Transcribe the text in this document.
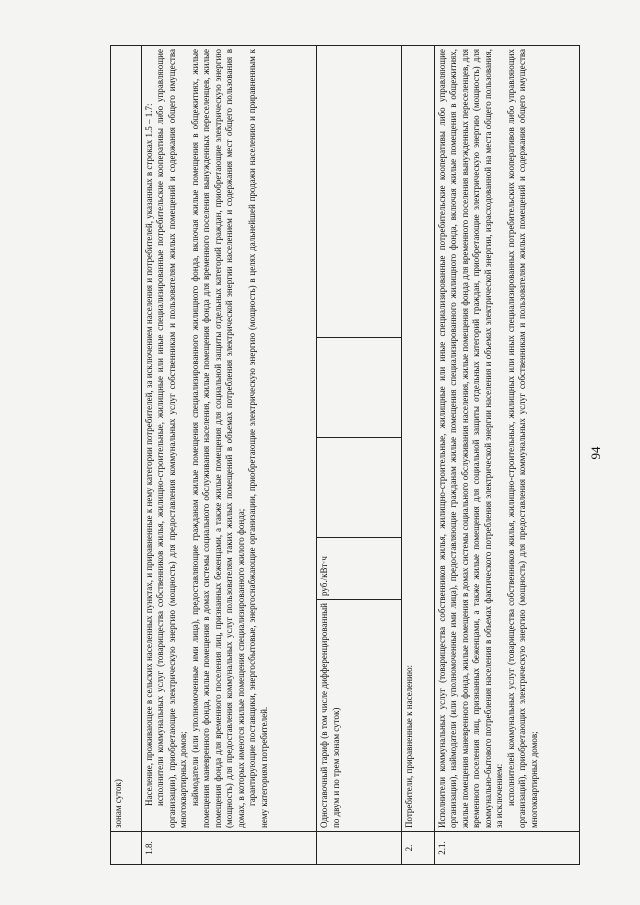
94
	зонам суток)				
1.8.	Население, проживающее в сельских населенных пунктах, и приравненные к нему категории потребителей, за исключением населения и потребителей, указанных в строках 1.5 – 1.7: исполнители коммунальных услуг (товарищества собственников жилья, жилищно-строительные, жилищные или иные специализированные потребительские кооперативы либо управляющие организации), приобретающие электрическую энергию (мощность) для предоставления коммунальных услуг собственникам и пользователям жилых помещений и содержания общего имущества многоквартирных домов; наймодатели (или уполномоченные ими лица), предоставляющие гражданам жилые помещения специализированного жилищного фонда, включая жилые помещения в общежитиях, жилые помещения маневренного фонда, жилые помещения в домах системы социального обслуживания населения, жилые помещения фонда для временного поселения вынужденных переселенцев, жилые помещения фонда для временного поселения лиц, признанных беженцами, а также жилые помещения для социальной защиты отдельных категорий граждан, приобретающие электрическую энергию (мощность) для предоставления коммунальных услуг пользователям таких жилых помещений в объемах потребления электрической энергии населением и содержания мест общего пользования в домах, в которых имеются жилые помещения специализированного жилого фонда; гарантирующие поставщики, энергосбытовые, энергоснабжающие организации, приобретающие электрическую энергию (мощность) в целях дальнейшей продажи населению и приравненным к нему категориям потребителей.				

	Одноставочный тариф (в том числе дифференцированный по двум и по трем зонам суток)	руб./кВт·ч			
2.	Потребители, приравненные к населению:				
2.1.	Исполнители коммунальных услуг (товарищества собственников жилья, жилищно-строительные, жилищные или иные специализированные потребительские кооперативы либо управляющие организации), наймодатели (или уполномоченные ими лица), предоставляющие гражданам жилые помещения специализированного жилищного фонда, включая жилые помещения в общежитиях, жилые помещения маневренного фонда, жилые помещения в домах системы социального обслуживания населения, жилые помещения фонда для временного поселения вынужденных переселенцев, для временного поселения лиц, признанных беженцами, а также жилые помещения для социальной защиты отдельных категорий граждан, приобретающие электрическую энергию (мощность) для коммунально-бытового потребления населения в объемах фактического потребления электрической энергии населения и объемах электрической энергии, израсходованной на места общего пользования, за исключением: исполнителей коммунальных услуг (товарищества собственников жилья, жилищно-строительных, жилищных или иных специализированных потребительских кооперативов либо управляющих организаций), приобретающих электрическую энергию (мощность) для предоставления коммунальных услуг собственникам и пользователям жилых помещений и содержания общего имущества многоквартирных домов;				
